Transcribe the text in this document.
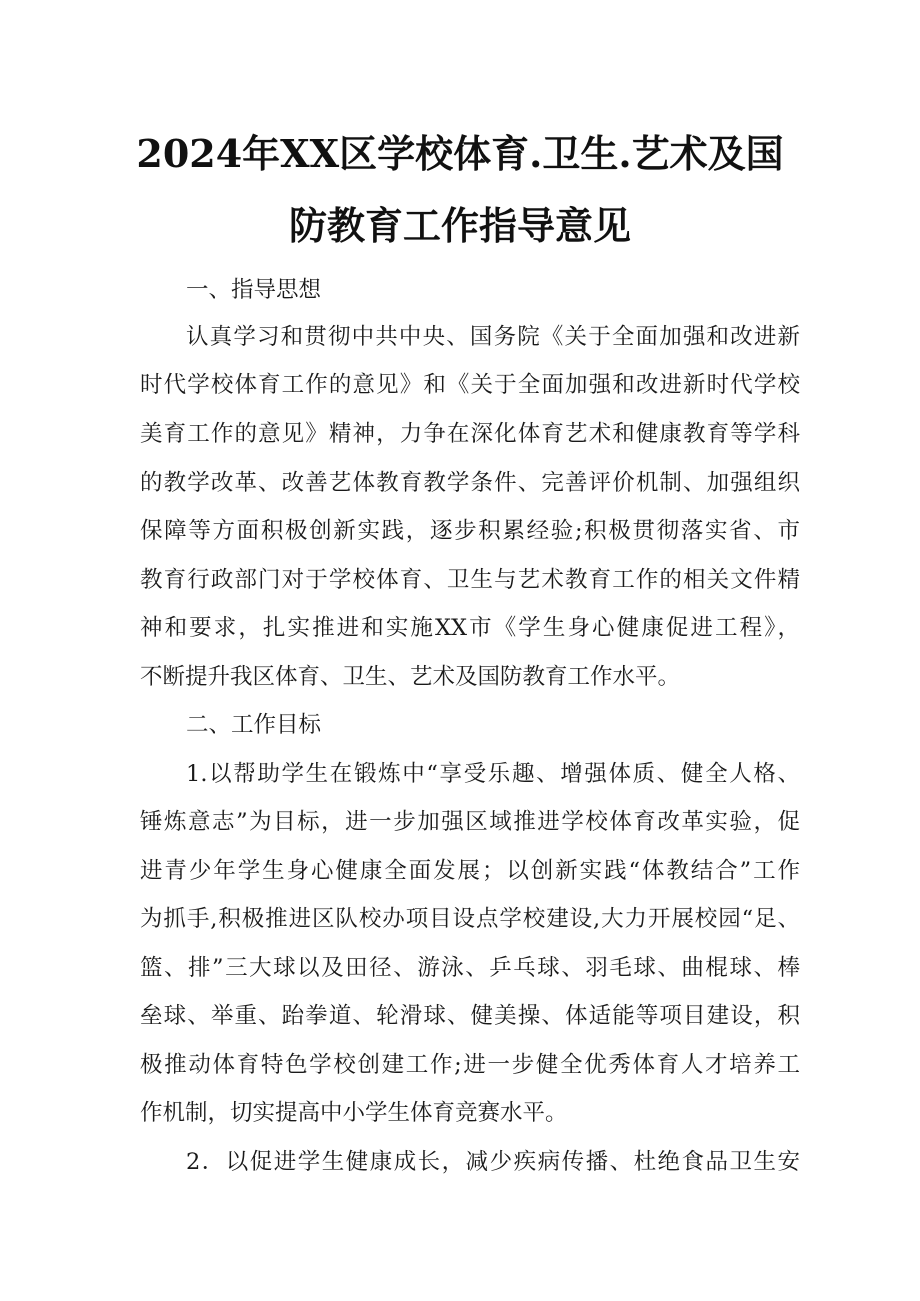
2024年XX区学校体育.卫生.艺术及国
防教育工作指导意见
一、指导思想
认真学习和贯彻中共中央、国务院《关于全面加强和改进新
时代学校体育工作的意见》和《关于全面加强和改进新时代学校
美育工作的意见》精神，力争在深化体育艺术和健康教育等学科
的教学改革、改善艺体教育教学条件、完善评价机制、加强组织
保障等方面积极创新实践，逐步积累经验;积极贯彻落实省、市
教育行政部门对于学校体育、卫生与艺术教育工作的相关文件精
神和要求，扎实推进和实施XX市《学生身心健康促进工程》，
不断提升我区体育、卫生、艺术及国防教育工作水平。
二、工作目标
1.以帮助学生在锻炼中“享受乐趣、增强体质、健全人格、
锤炼意志”为目标，进一步加强区域推进学校体育改革实验，促
进青少年学生身心健康全面发展；以创新实践“体教结合”工作
为抓手,积极推进区队校办项目设点学校建设,大力开展校园“足、
篮、排”三大球以及田径、游泳、乒乓球、羽毛球、曲棍球、棒
垒球、举重、跆拳道、轮滑球、健美操、体适能等项目建设，积
极推动体育特色学校创建工作;进一步健全优秀体育人才培养工
作机制，切实提高中小学生体育竞赛水平。
2．以促进学生健康成长，减少疾病传播、杜绝食品卫生安
